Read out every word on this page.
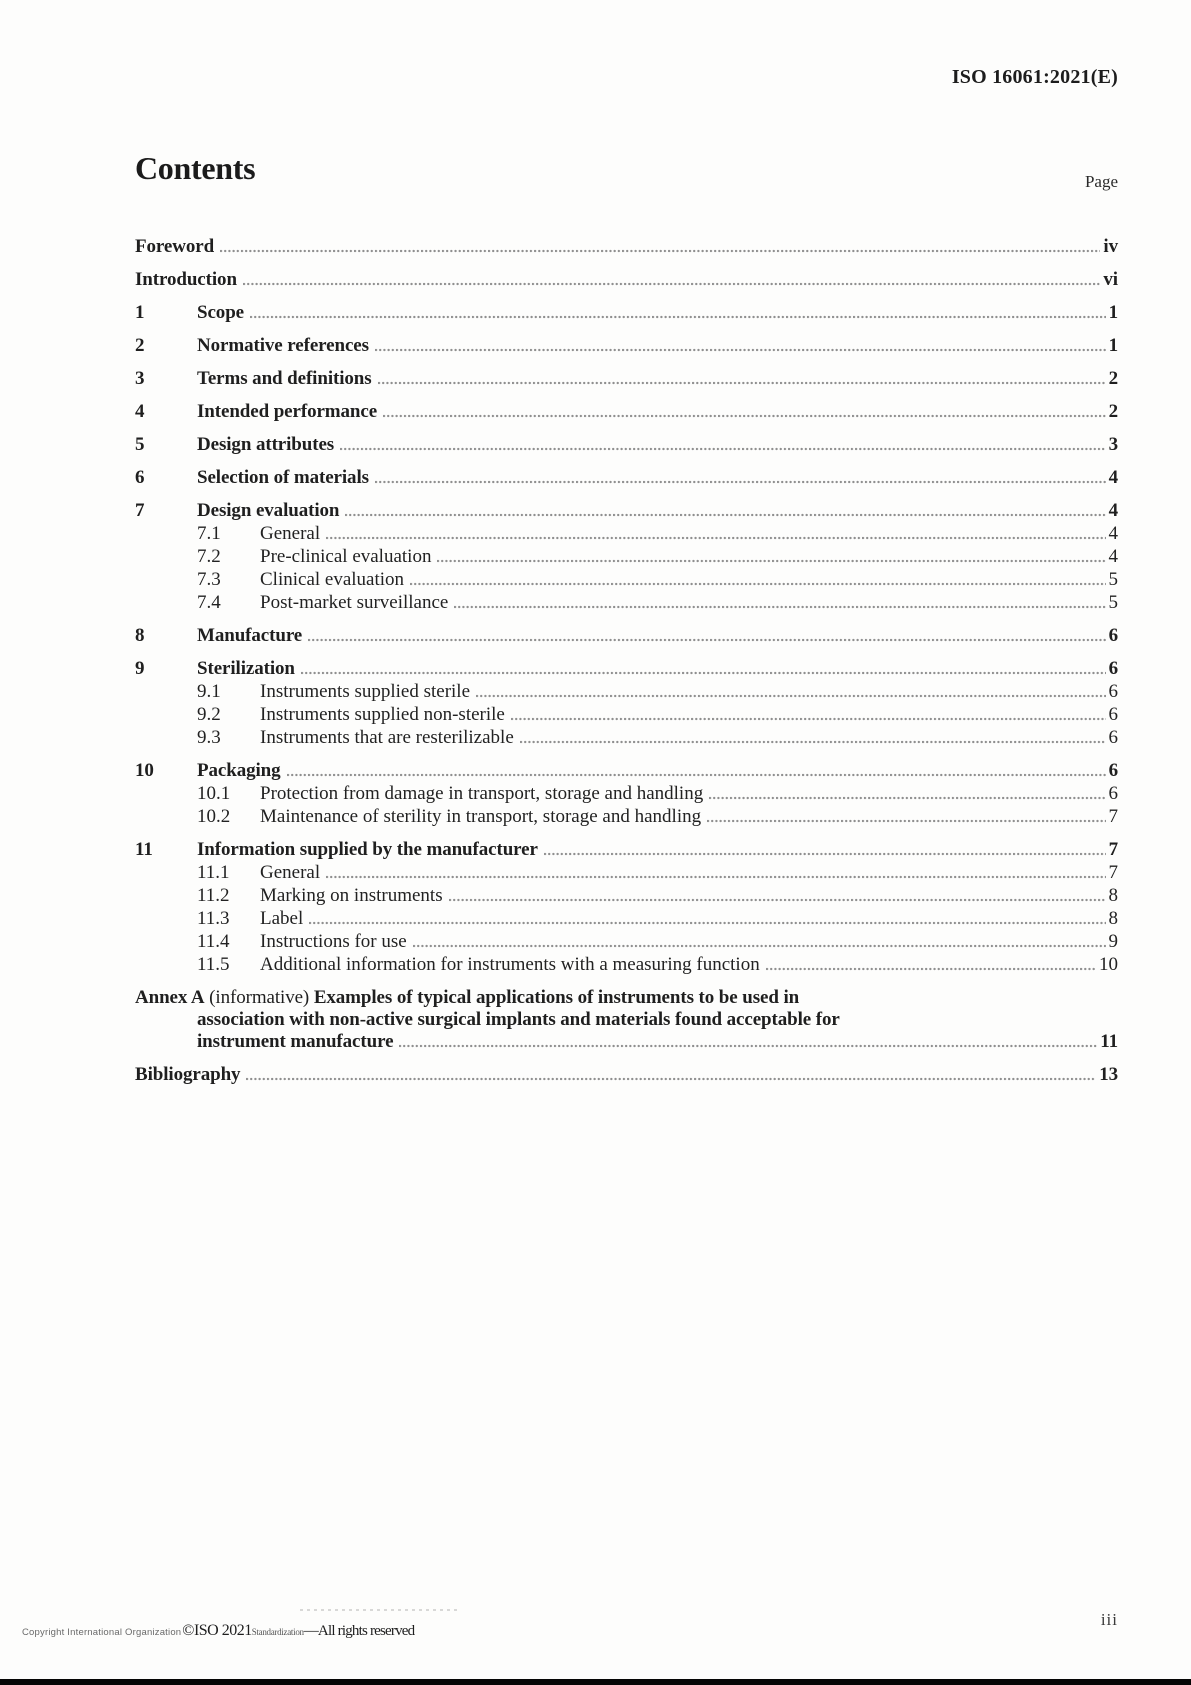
ISO 16061:2021(E)
Contents	Page
Foreword	iv
Introduction	vi
1	Scope	1
2	Normative references	1
3	Terms and definitions	2
4	Intended performance	2
5	Design attributes	3
6	Selection of materials	4
7	Design evaluation	4
7.1	General	4
7.2	Pre-clinical evaluation	4
7.3	Clinical evaluation	5
7.4	Post-market surveillance	5
8	Manufacture	6
9	Sterilization	6
9.1	Instruments supplied sterile	6
9.2	Instruments supplied non-sterile	6
9.3	Instruments that are resterilizable	6
10	Packaging	6
10.1	Protection from damage in transport, storage and handling	6
10.2	Maintenance of sterility in transport, storage and handling	7
11	Information supplied by the manufacturer	7
11.1	General	7
11.2	Marking on instruments	8
11.3	Label	8
11.4	Instructions for use	9
11.5	Additional information for instruments with a measuring function	10
Annex A (informative) Examples of typical applications of instruments to be used in
association with non-active surgical implants and materials found acceptable for
instrument manufacture	11
Bibliography	13
Copyright International Organization ©ISO 2021 Standardization —All rights reserved
iii
